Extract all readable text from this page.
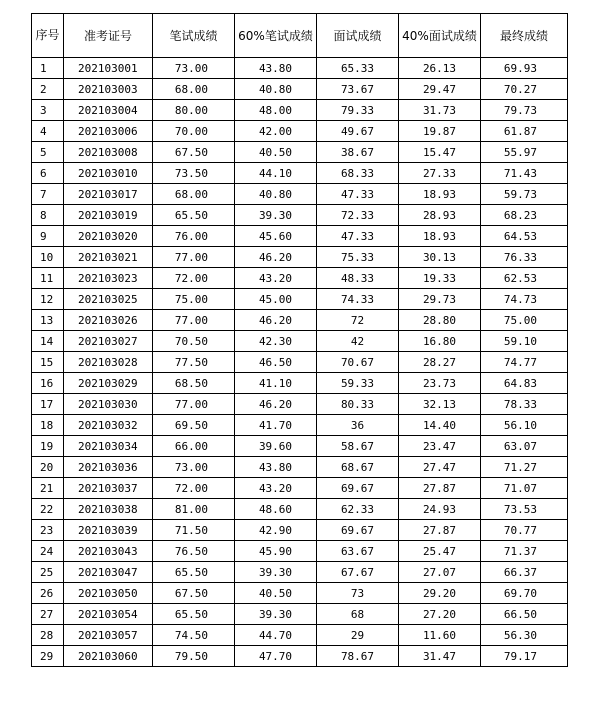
序号	准考证号	笔试成绩	60%笔试成绩	面试成绩	40%面试成绩	最终成绩
1	202103001	73.00	43.80	65.33	26.13	69.93
2	202103003	68.00	40.80	73.67	29.47	70.27
3	202103004	80.00	48.00	79.33	31.73	79.73
4	202103006	70.00	42.00	49.67	19.87	61.87
5	202103008	67.50	40.50	38.67	15.47	55.97
6	202103010	73.50	44.10	68.33	27.33	71.43
7	202103017	68.00	40.80	47.33	18.93	59.73
8	202103019	65.50	39.30	72.33	28.93	68.23
9	202103020	76.00	45.60	47.33	18.93	64.53
10	202103021	77.00	46.20	75.33	30.13	76.33
11	202103023	72.00	43.20	48.33	19.33	62.53
12	202103025	75.00	45.00	74.33	29.73	74.73
13	202103026	77.00	46.20	72	28.80	75.00
14	202103027	70.50	42.30	42	16.80	59.10
15	202103028	77.50	46.50	70.67	28.27	74.77
16	202103029	68.50	41.10	59.33	23.73	64.83
17	202103030	77.00	46.20	80.33	32.13	78.33
18	202103032	69.50	41.70	36	14.40	56.10
19	202103034	66.00	39.60	58.67	23.47	63.07
20	202103036	73.00	43.80	68.67	27.47	71.27
21	202103037	72.00	43.20	69.67	27.87	71.07
22	202103038	81.00	48.60	62.33	24.93	73.53
23	202103039	71.50	42.90	69.67	27.87	70.77
24	202103043	76.50	45.90	63.67	25.47	71.37
25	202103047	65.50	39.30	67.67	27.07	66.37
26	202103050	67.50	40.50	73	29.20	69.70
27	202103054	65.50	39.30	68	27.20	66.50
28	202103057	74.50	44.70	29	11.60	56.30
29	202103060	79.50	47.70	78.67	31.47	79.17
